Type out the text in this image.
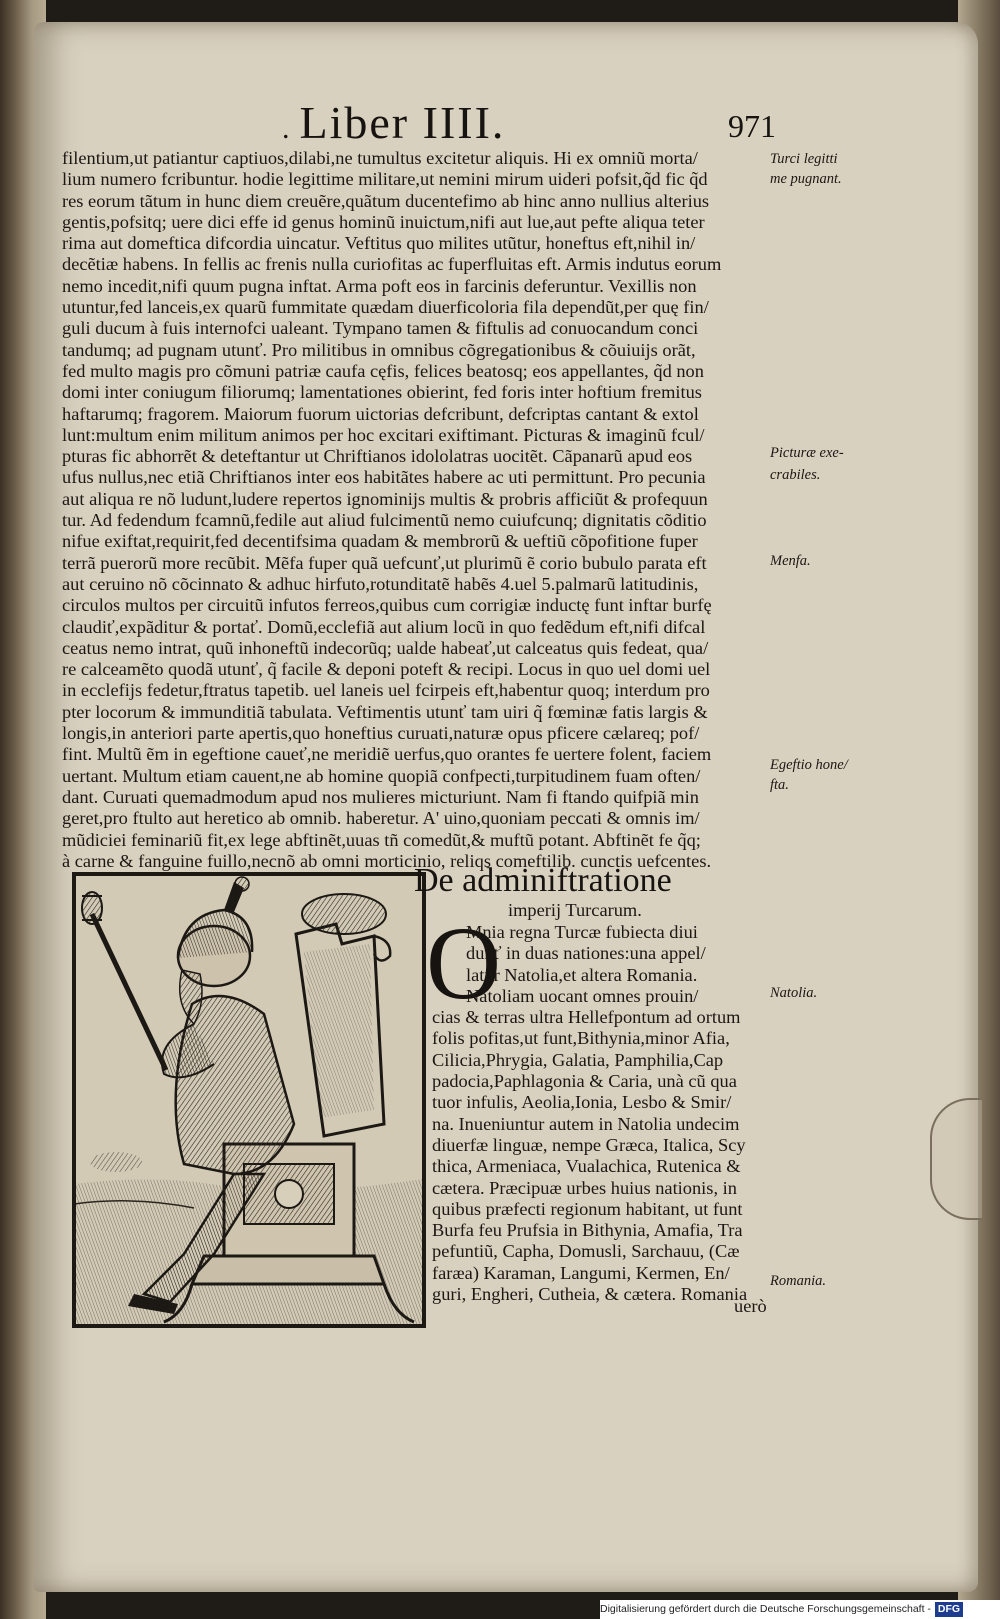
. Liber IIII.	971
filentium,ut patiantur captiuos,dilabi,ne tumultus excitetur aliquis. Hi ex omniũ morta/
lium numero fcribuntur. hodie legittime militare,ut nemini mirum uideri pofsit,q̃d fic q̃d
res eorum tãtum in hunc diem creuẽre,quãtum ducentefimo ab hinc anno nullius alterius
gentis,pofsitq; uere dici effe id genus hominũ inuictum,nifi aut lue,aut pefte aliqua teter
rima aut domeftica difcordia uincatur. Veftitus quo milites utũtur, honeftus eft,nihil in/
decẽtiæ habens. In fellis ac frenis nulla curiofitas ac fuperfluitas eft. Armis indutus eorum
nemo incedit,nifi quum pugna inftat. Arma poft eos in farcinis deferuntur. Vexillis non
utuntur,fed lanceis,ex quarũ fummitate quædam diuerficoloria fila dependũt,per quę fin/
guli ducum à fuis internofci ualeant. Tympano tamen & fiftulis ad conuocandum conci
tandumq; ad pugnam utunť. Pro militibus in omnibus cõgregationibus & cõuiuijs orãt,
fed multo magis pro cõmuni patriæ caufa cęfis, felices beatosq; eos appellantes, q̃d non
domi inter coniugum filiorumq; lamentationes obierint, fed foris inter hoftium fremitus
haftarumq; fragorem. Maiorum fuorum uictorias defcribunt, defcriptas cantant & extol
lunt:multum enim militum animos per hoc excitari exiftimant. Picturas & imaginũ fcul/
pturas fic abhorrẽt & deteftantur ut Chriftianos idololatras uocitẽt. Cãpanarũ apud eos
ufus nullus,nec etiã Chriftianos inter eos habitãtes habere ac uti permittunt. Pro pecunia
aut aliqua re nõ ludunt,ludere repertos ignominijs multis & probris afficiũt & profequun
tur. Ad fedendum fcamnũ,fedile aut aliud fulcimentũ nemo cuiufcunq; dignitatis cõditio
nifue exiftat,requirit,fed decentifsima quadam & membrorũ & ueftiũ cõpofitione fuper
terrã puerorũ more recũbit. Mẽfa fuper quã uefcunť,ut plurimũ ẽ corio bubulo parata eft
aut ceruino nõ cõcinnato & adhuc hirfuto,rotunditatẽ habẽs 4.uel 5.palmarũ latitudinis,
circulos multos per circuitũ infutos ferreos,quibus cum corrigiæ inductę funt inftar burfę
claudiť,expãditur & portať. Domũ,ecclefiã aut alium locũ in quo fedẽdum eft,nifi difcal
ceatus nemo intrat, quũ inhoneftũ indecorũq; ualde habeať,ut calceatus quis fedeat, qua/
re calceamẽto quodã utunť, q̃ facile & deponi poteft & recipi. Locus in quo uel domi uel
in ecclefijs fedetur,ftratus tapetib. uel laneis uel fcirpeis eft,habentur quoq; interdum pro
pter locorum & immunditiã tabulata. Veftimentis utunť tam uiri q̃ fœminæ fatis largis &
longis,in anteriori parte apertis,quo honeftius curuati,naturæ opus pficere cælareq; pof/
fint. Multũ ẽm in egeftione caueť,ne meridiẽ uerfus,quo orantes fe uertere folent, faciem
uertant. Multum etiam cauent,ne ab homine quopiã confpecti,turpitudinem fuam often/
dant. Curuati quemadmodum apud nos mulieres micturiunt. Nam fi ftando quifpiã min
geret,pro ftulto aut heretico ab omnib. haberetur. A' uino,quoniam peccati & omnis im/
mũdiciei feminariũ fit,ex lege abftinẽt,uuas tñ comedũt,& muftũ potant. Abftinẽt fe q̃q;
à carne & fanguine fuillo,necnõ ab omni morticinio, reliqs comeftilib. cunctis uefcentes.
Turci legitti
me pugnant.
Picturæ exe-
crabiles.
Menfa.
Egeftio hone/
fta.
Natolia.
Romania.
De adminiftratione
imperij Turcarum.
O
Mnia regna Turcæ fubiecta diui
dunť in duas nationes:una appel/
latur Natolia,et altera Romania.
Natoliam uocant omnes prouin/
cias & terras ultra Hellefpontum ad ortum
folis pofitas,ut funt,Bithynia,minor Afia,
Cilicia,Phrygia, Galatia, Pamphilia,Cap
padocia,Paphlagonia & Caria, unà cũ qua
tuor infulis, Aeolia,Ionia, Lesbo & Smir/
na. Inueniuntur autem in Natolia undecim
diuerfæ linguæ, nempe Græca, Italica, Scy
thica, Armeniaca, Vualachica, Rutenica &
cætera. Præcipuæ urbes huius nationis, in
quibus præfecti regionum habitant, ut funt
Burfa feu Prufsia in Bithynia, Amafia, Tra
pefuntiũ, Capha, Domusli, Sarchauu, (Cæ
faræa) Karaman, Langumi, Kermen, En/
guri, Engheri, Cutheia, & cætera. Romania
uerò
Digitalisierung gefördert durch die Deutsche Forschungsgemeinschaft - DFG
